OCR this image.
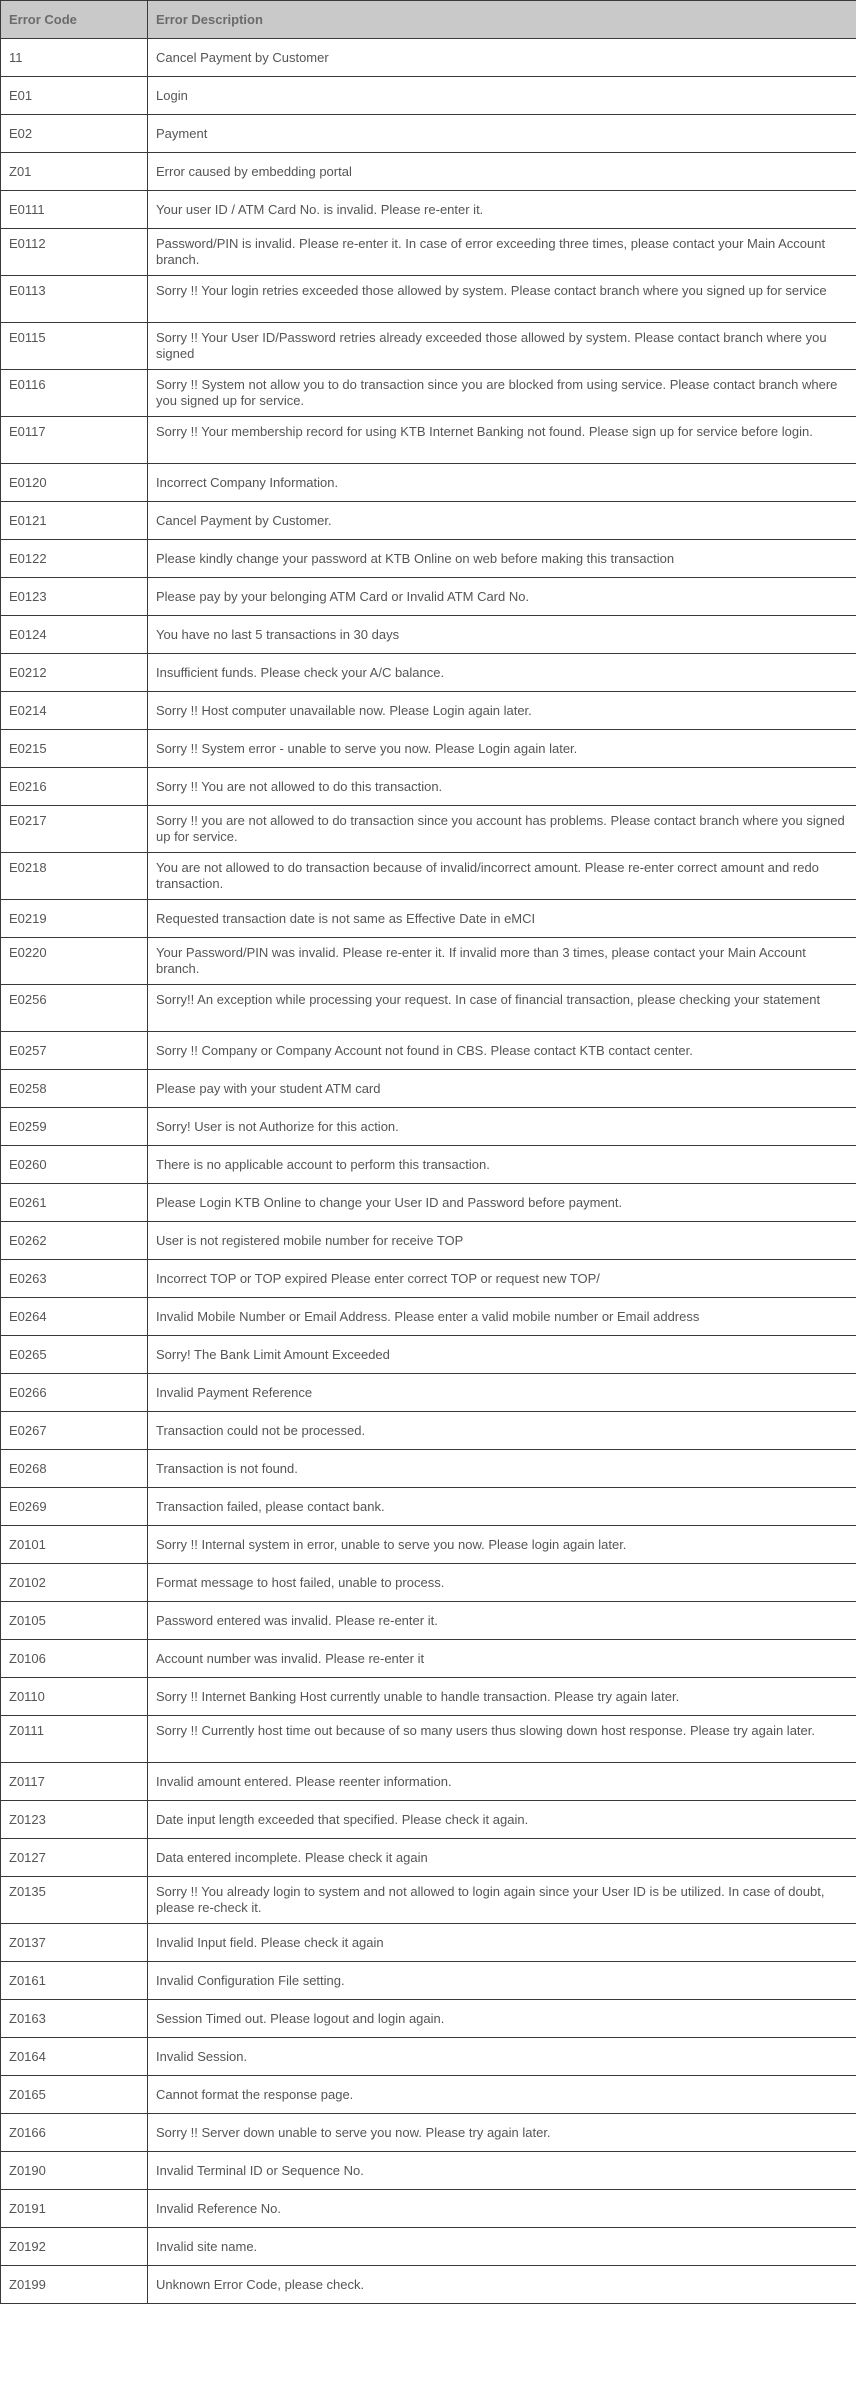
Error Code	Error Description
11	Cancel Payment by Customer
E01	Login
E02	Payment
Z01	Error caused by embedding portal
E0111	Your user ID / ATM Card No. is invalid. Please re-enter it.
E0112	Password/PIN is invalid. Please re-enter it. In case of error exceeding three times, please contact your Main Account branch.
E0113	Sorry !! Your login retries exceeded those allowed by system. Please contact branch where you signed up for service
E0115	Sorry !! Your User ID/Password retries already exceeded those allowed by system. Please contact branch where you signed
E0116	Sorry !! System not allow you to do transaction since you are blocked from using service. Please contact branch where you signed up for service.
E0117	Sorry !! Your membership record for using KTB Internet Banking not found. Please sign up for service before login.
E0120	Incorrect Company Information.
E0121	Cancel Payment by Customer.
E0122	Please kindly change your password at KTB Online on web before making this transaction
E0123	Please pay by your belonging ATM Card or Invalid ATM Card No.
E0124	You have no last 5 transactions in 30 days
E0212	Insufficient funds. Please check your A/C balance.
E0214	Sorry !! Host computer unavailable now. Please Login again later.
E0215	Sorry !! System error - unable to serve you now. Please Login again later.
E0216	Sorry !! You are not allowed to do this transaction.
E0217	Sorry !! you are not allowed to do transaction since you account has problems. Please contact branch where you signed up for service.
E0218	You are not allowed to do transaction because of invalid/incorrect amount. Please re-enter correct amount and redo transaction.
E0219	Requested transaction date is not same as Effective Date in eMCI
E0220	Your Password/PIN was invalid. Please re-enter it. If invalid more than 3 times, please contact your Main Account branch.
E0256	Sorry!! An exception while processing your request. In case of financial transaction, please checking your statement
E0257	Sorry !! Company or Company Account not found in CBS. Please contact KTB contact center.
E0258	Please pay with your student ATM card
E0259	Sorry! User is not Authorize for this action.
E0260	There is no applicable account to perform this transaction.
E0261	Please Login KTB Online to change your User ID and Password before payment.
E0262	User is not registered mobile number for receive TOP
E0263	Incorrect TOP or TOP expired Please enter correct TOP or request new TOP/
E0264	Invalid Mobile Number or Email Address. Please enter a valid mobile number or Email address
E0265	Sorry! The Bank Limit Amount Exceeded
E0266	Invalid Payment Reference
E0267	Transaction could not be processed.
E0268	Transaction is not found.
E0269	Transaction failed, please contact bank.
Z0101	Sorry !! Internal system in error, unable to serve you now. Please login again later.
Z0102	Format message to host failed, unable to process.
Z0105	Password entered was invalid. Please re-enter it.
Z0106	Account number was invalid. Please re-enter it
Z0110	Sorry !! Internet Banking Host currently unable to handle transaction. Please try again later.
Z0111	Sorry !! Currently host time out because of so many users thus slowing down host response. Please try again later.
Z0117	Invalid amount entered. Please reenter information.
Z0123	Date input length exceeded that specified. Please check it again.
Z0127	Data entered incomplete. Please check it again
Z0135	Sorry !! You already login to system and not allowed to login again since your User ID is be utilized. In case of doubt, please re-check it.
Z0137	Invalid Input field. Please check it again
Z0161	Invalid Configuration File setting.
Z0163	Session Timed out. Please logout and login again.
Z0164	Invalid Session.
Z0165	Cannot format the response page.
Z0166	Sorry !! Server down unable to serve you now. Please try again later.
Z0190	Invalid Terminal ID or Sequence No.
Z0191	Invalid Reference No.
Z0192	Invalid site name.
Z0199	Unknown Error Code, please check.
